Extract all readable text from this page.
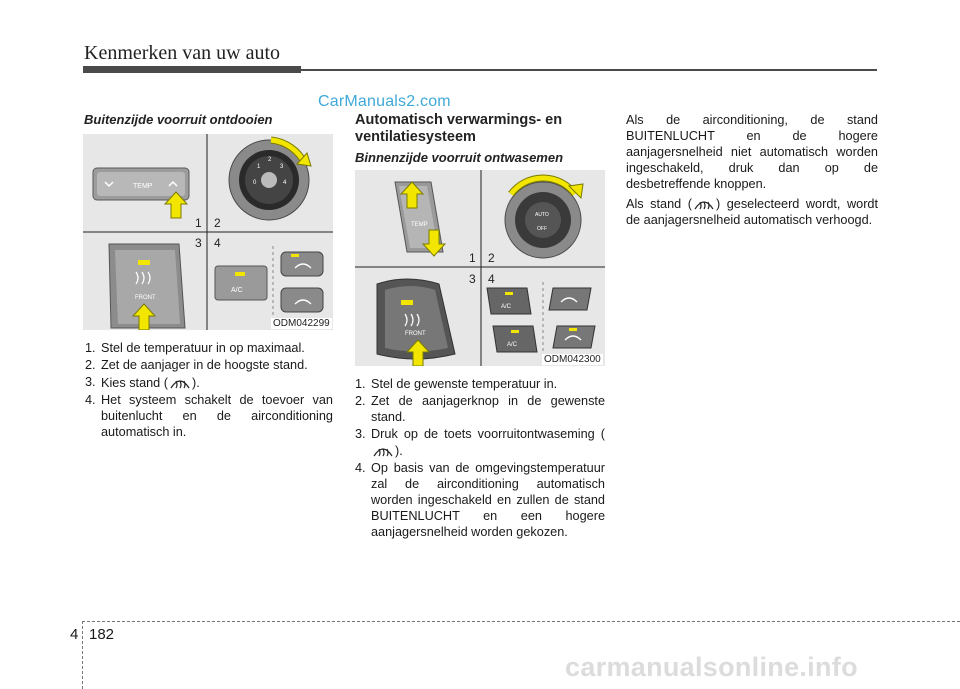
Kenmerken van uw auto
CarManuals2.com
Buitenzijde voorruit ontdooien
TEMP	0
1
2
3
4
1 2
3 4
FRONT
A/C
ODM042299
1. Stel de temperatuur in op maximaal.
2. Zet de aanjager in de hoogste stand.
3. Kies stand ( ).
4. Het systeem schakelt de toevoer van buitenlucht en de airconditioning automatisch in.
Automatisch verwarmings- en ventilatiesysteem
Binnenzijde voorruit ontwasemen
TEMP
AUTO
OFF
1 2
3 4
FRONT
A/C
A/C
ODM042300
1. Stel de gewenste temperatuur in.
2. Zet de aanjagerknop in de gewenste stand.
3. Druk op de toets voorruitontwaseming ().
4. Op basis van de omgevingstemperatuur zal de airconditioning automatisch worden ingeschakeld en zullen de stand BUITENLUCHT en een hogere aanjagersnelheid worden gekozen.

Als de airconditioning, de stand BUITENLUCHT en de hogere aanjagersnelheid niet automatisch worden ingeschakeld, druk dan op de desbetreffende knoppen.

Als stand ( ) geselecteerd wordt, wordt de aanjagersnelheid automatisch verhoogd.

4 182
carmanualsonline.info
